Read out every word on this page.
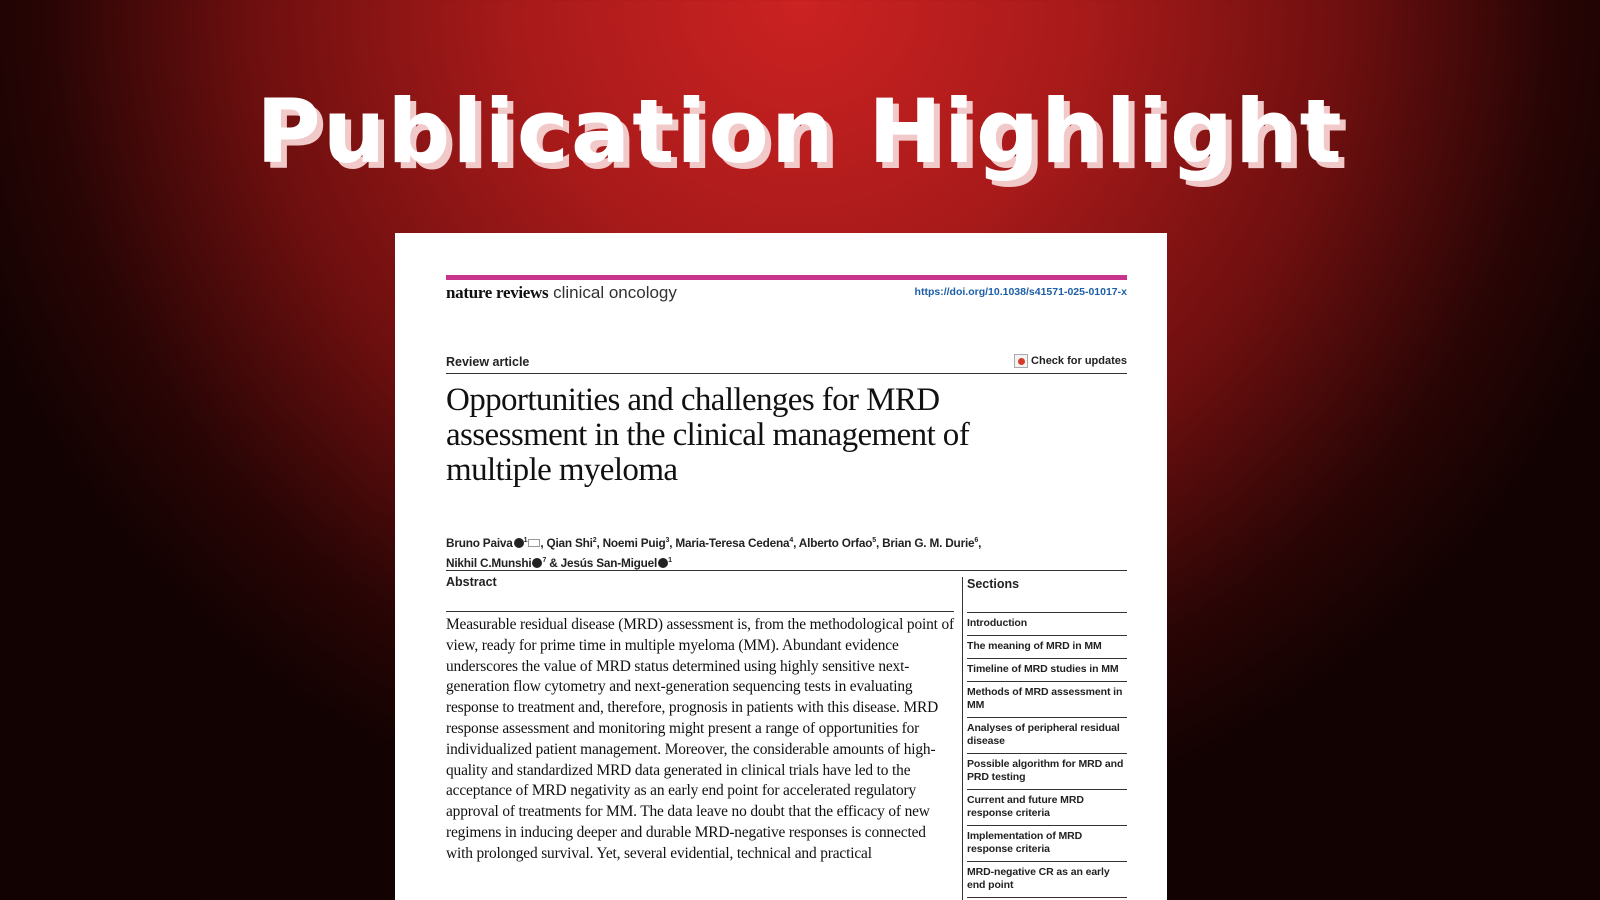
Publication Highlight
nature reviews clinical oncology	https://doi.org/10.1038/s41571-025-01017-x
Review article	Check for updates
Opportunities and challenges for MRD assessment in the clinical management of multiple myeloma
Bruno Paiva $^1$ , Qian Shi$^2$, Noemi Puig$^3$, Maria-Teresa Cedena$^4$, Alberto Orfao$^5$, Brian G. M. Durie$^6$,
Nikhil C.Munshi $^7$ & Jesús San-Miguel $^1$
Abstract
Measurable residual disease (MRD) assessment is, from the methodological point of view, ready for prime time in multiple myeloma (MM). Abundant evidence underscores the value of MRD status determined using highly sensitive next-generation flow cytometry and next-generation sequencing tests in evaluating response to treatment and, therefore, prognosis in patients with this disease. MRD response assessment and monitoring might present a range of opportunities for individualized patient management. Moreover, the considerable amounts of high-quality and standardized MRD data generated in clinical trials have led to the acceptance of MRD negativity as an early end point for accelerated regulatory approval of treatments for MM. The data leave no doubt that the efficacy of new regimens in inducing deeper and durable MRD-negative responses is connected with prolonged survival. Yet, several evidential, technical and practical
Sections
Introduction
The meaning of MRD in MM
Timeline of MRD studies in MM
Methods of MRD assessment in MM
Analyses of peripheral residual disease
Possible algorithm for MRD and PRD testing
Current and future MRD response criteria
Implementation of MRD response criteria
MRD-negative CR as an early end point
